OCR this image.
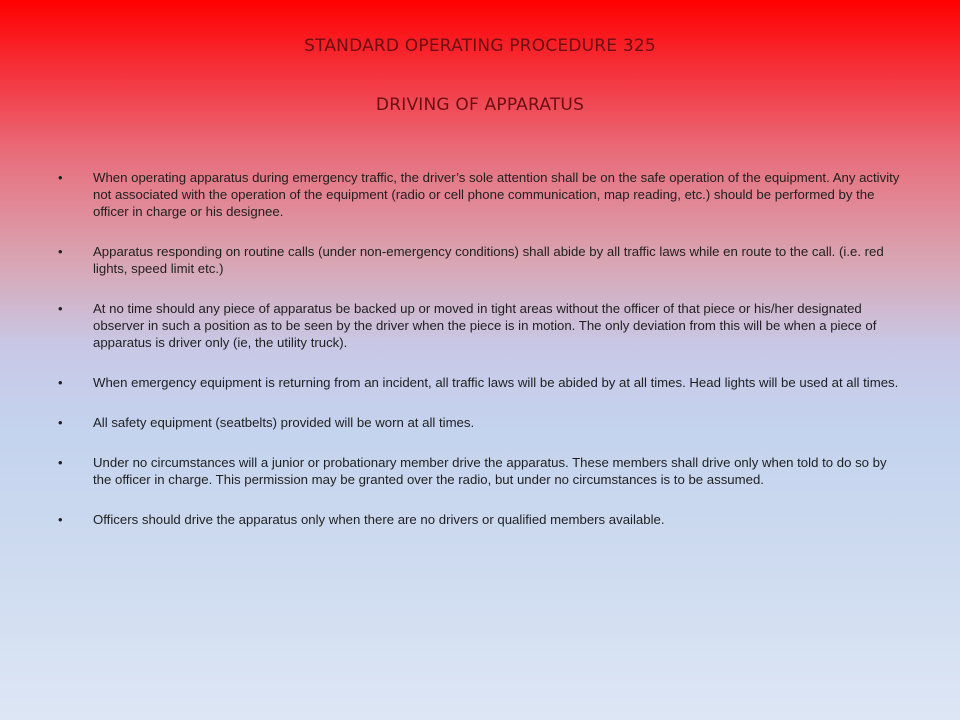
STANDARD OPERATING PROCEDURE 325
DRIVING OF APPARATUS
•	When operating apparatus during emergency traffic, the driver’s sole attention shall be on the safe operation of the equipment. Any activity not associated with the operation of the equipment (radio or cell phone communication, map reading, etc.) should be performed by the officer in charge or his designee.
•	Apparatus responding on routine calls (under non-emergency conditions) shall abide by all traffic laws while en route to the call. (i.e. red lights, speed limit etc.)
•	At no time should any piece of apparatus be backed up or moved in tight areas without the officer of that piece or his/her designated observer in such a position as to be seen by the driver when the piece is in motion. The only deviation from this will be when a piece of apparatus is driver only (ie, the utility truck).
•	When emergency equipment is returning from an incident, all traffic laws will be abided by at all times. Head lights will be used at all times.
•	All safety equipment (seatbelts) provided will be worn at all times.
•	Under no circumstances will a junior or probationary member drive the apparatus. These members shall drive only when told to do so by the officer in charge. This permission may be granted over the radio, but under no circumstances is to be assumed.
•	Officers should drive the apparatus only when there are no drivers or qualified members available.
